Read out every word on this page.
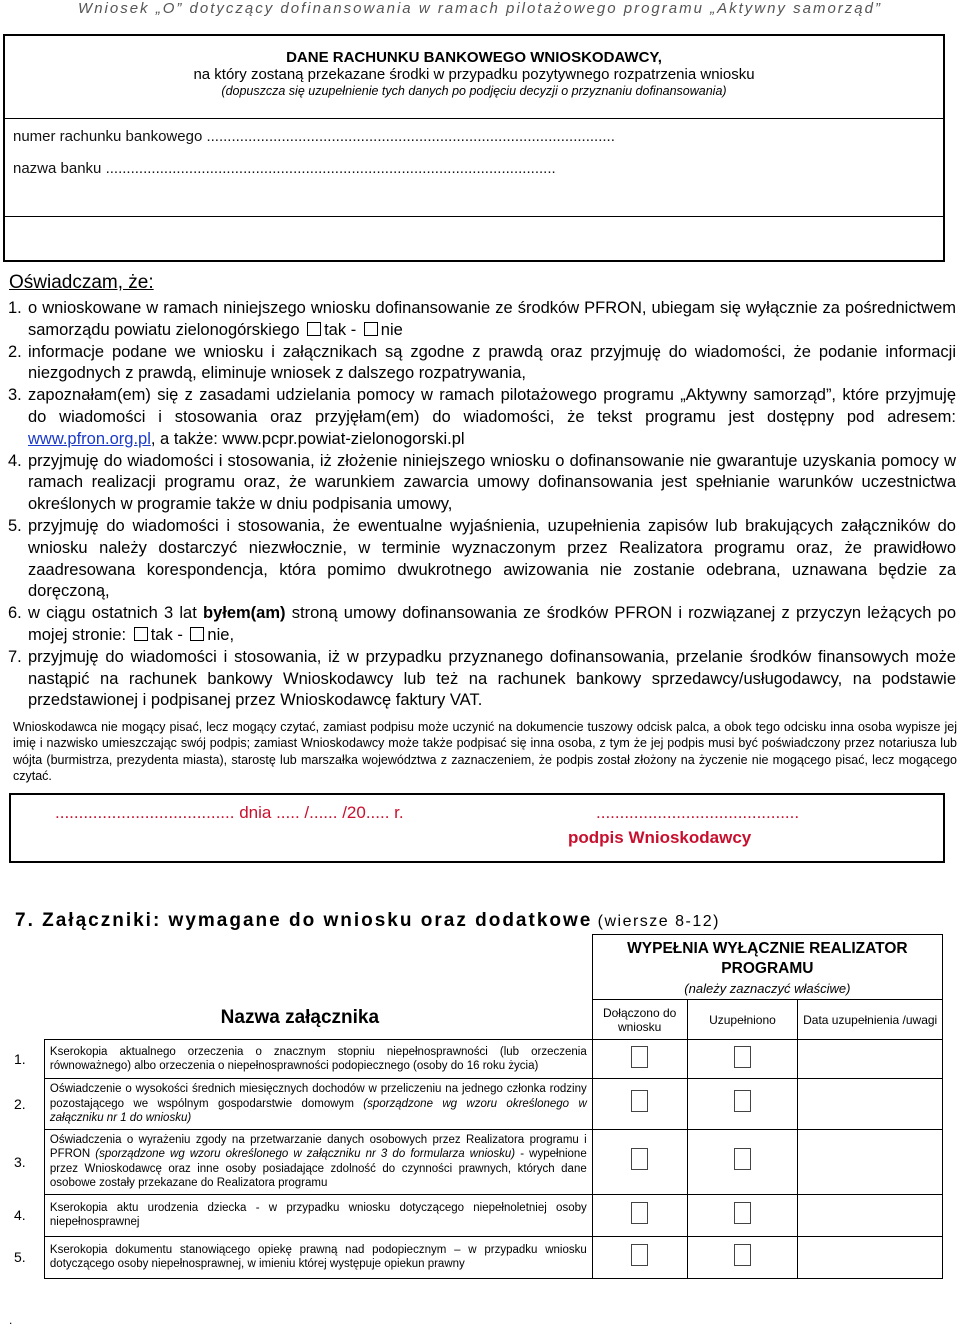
Wniosek „O” dotyczący dofinansowania w ramach pilotażowego programu „Aktywny samorząd”
DANE RACHUNKU BANKOWEGO WNIOSKODAWCY,
na który zostaną przekazane środki w przypadku pozytywnego rozpatrzenia wniosku
(dopuszcza się uzupełnienie tych danych po podjęciu decyzji o przyznaniu dofinansowania)
numer rachunku bankowego ..................................................................................................
nazwa banku ............................................................................................................
Oświadczam, że:
1. o wnioskowane w ramach niniejszego wniosku dofinansowanie ze środków PFRON, ubiegam się wyłącznie za pośrednictwem samorządu powiatu zielonogórskiego tak - nie
2. informacje podane we wniosku i załącznikach są zgodne z prawdą oraz przyjmuję do wiadomości, że podanie informacji niezgodnych z prawdą, eliminuje wniosek z dalszego rozpatrywania,
3. zapoznałam(em) się z zasadami udzielania pomocy w ramach pilotażowego programu „Aktywny samorząd”, które przyjmuję do wiadomości i stosowania oraz przyjęłam(em) do wiadomości, że tekst programu jest dostępny pod adresem: www.pfron.org.pl, a także: www.pcpr.powiat-zielonogorski.pl
4. przyjmuję do wiadomości i stosowania, iż złożenie niniejszego wniosku o dofinansowanie nie gwarantuje uzyskania pomocy w ramach realizacji programu oraz, że warunkiem zawarcia umowy dofinansowania jest spełnianie warunków uczestnictwa określonych w programie także w dniu podpisania umowy,
5. przyjmuję do wiadomości i stosowania, że ewentualne wyjaśnienia, uzupełnienia zapisów lub brakujących załączników do wniosku należy dostarczyć niezwłocznie, w terminie wyznaczonym przez Realizatora programu oraz, że prawidłowo zaadresowana korespondencja, która pomimo dwukrotnego awizowania nie zostanie odebrana, uznawana będzie za doręczoną,
6. w ciągu ostatnich 3 lat byłem(am) stroną umowy dofinansowania ze środków PFRON i rozwiązanej z przyczyn leżących po mojej stronie: tak - nie,
7. przyjmuję do wiadomości i stosowania, iż w przypadku przyznanego dofinansowania, przelanie środków finansowych może nastąpić na rachunek bankowy Wnioskodawcy lub też na rachunek bankowy sprzedawcy/usługodawcy, na podstawie przedstawionej i podpisanej przez Wnioskodawcę faktury VAT.

Wnioskodawca nie mogący pisać, lecz mogący czytać, zamiast podpisu może uczynić na dokumencie tuszowy odcisk palca, a obok tego odcisku inna osoba wypisze jej imię i nazwisko umieszczając swój podpis; zamiast Wnioskodawcy może także podpisać się inna osoba, z tym że jej podpis musi być poświadczony przez notariusza lub wójta (burmistrza, prezydenta miasta), starostę lub marszałka województwa z zaznaczeniem, że podpis został złożony na życzenie nie mogącego pisać, lecz mogącego czytać.

...................................... dnia ..... /...... /20..... r.	...........................................
podpis Wnioskodawcy
7. Załączniki: wymagane do wniosku oraz dodatkowe (wiersze 8-12)
Nazwa załącznika		WYPEŁNIA WYŁĄCZNIE REALIZATOR PROGRAMU
(należy zaznaczyć właściwe)		

		Dołączono do wniosku	Uzupełniono	Data uzupełnienia /uwagi
1.	Kserokopia aktualnego orzeczenia o znacznym stopniu niepełnosprawności (lub orzeczenia równoważnego) albo orzeczenia o niepełnosprawności podopiecznego (osoby do 16 roku życia)			
2.	Oświadczenie o wysokości średnich miesięcznych dochodów w przeliczeniu na jednego członka rodziny pozostającego we wspólnym gospodarstwie domowym (sporządzone wg wzoru określonego w załączniku nr 1 do wniosku)			
3.	Oświadczenia o wyrażeniu zgody na przetwarzanie danych osobowych przez Realizatora programu i PFRON (sporządzone wg wzoru określonego w załączniku nr 3 do formularza wniosku) - wypełnione przez Wnioskodawcę oraz inne osoby posiadające zdolność do czynności prawnych, których dane osobowe zostały przekazane do Realizatora programu			
4.	Kserokopia aktu urodzenia dziecka - w przypadku wniosku dotyczącego niepełnoletniej osoby niepełnosprawnej			
5.	Kserokopia dokumentu stanowiącego opiekę prawną nad podopiecznym – w przypadku wniosku dotyczącego osoby niepełnosprawnej, w imieniu której występuje opiekun prawny			
.
